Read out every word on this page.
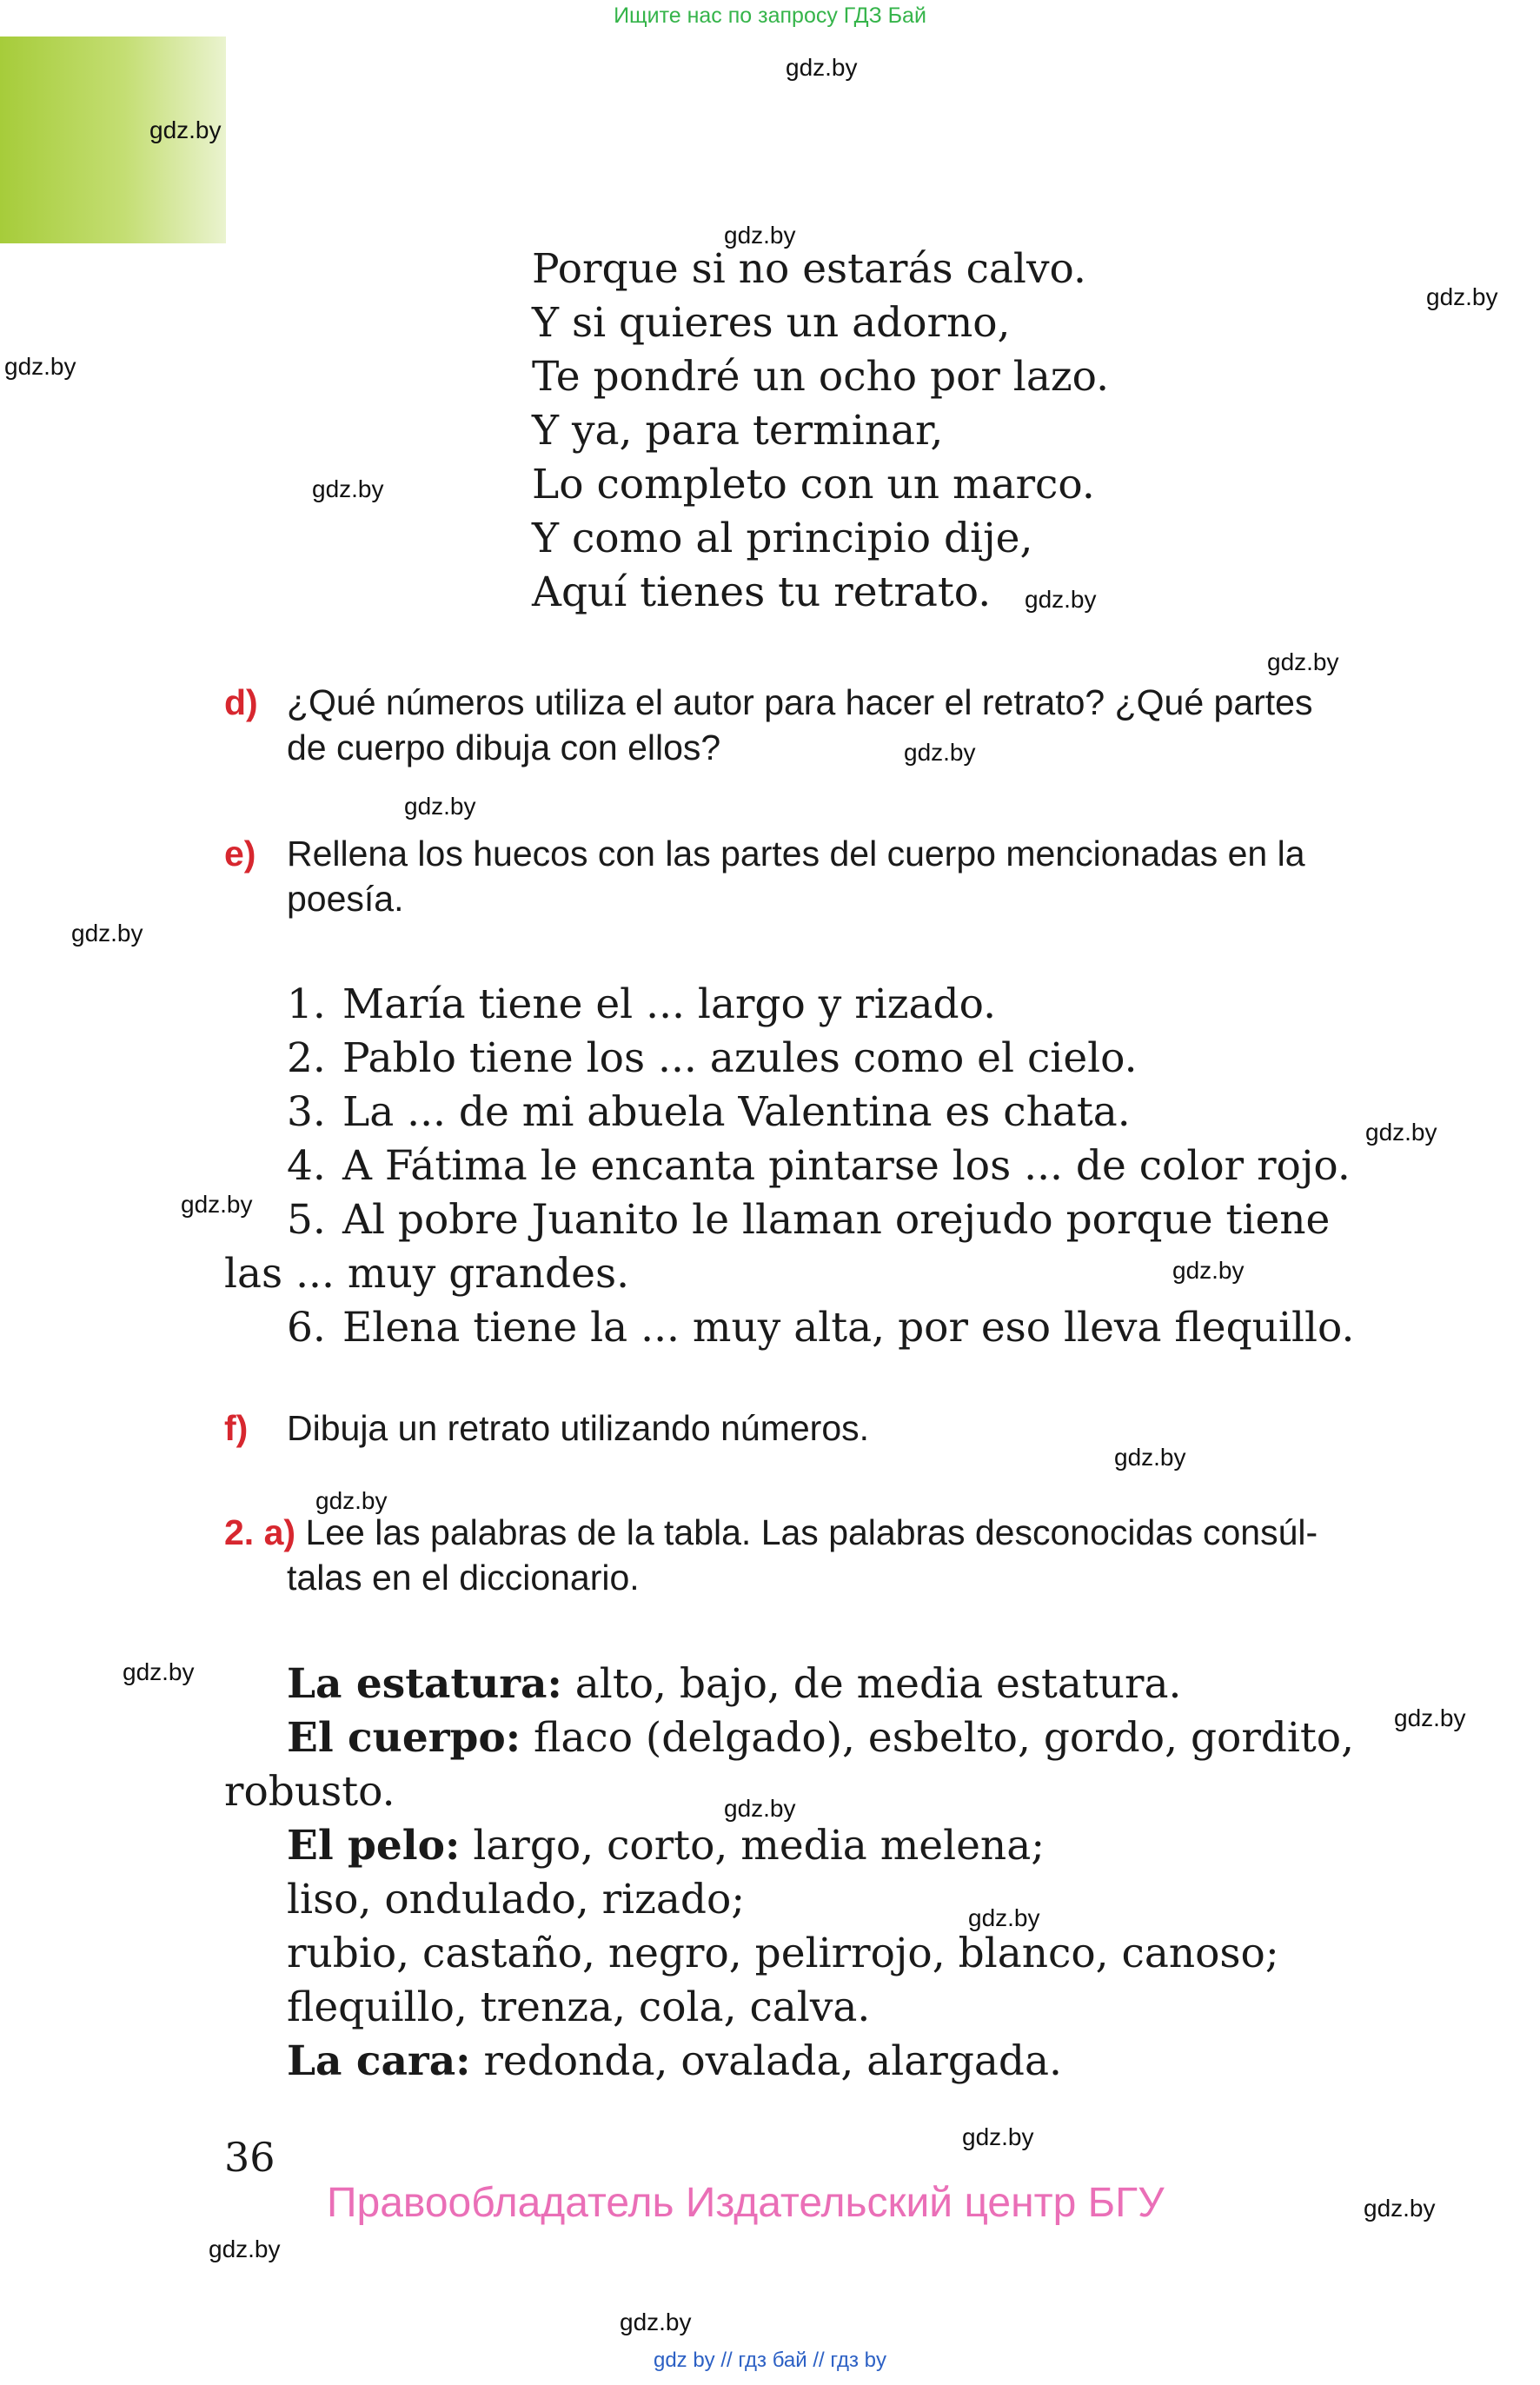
Ищите нас по запросу ГДЗ Бай
gdz.by
gdz.by
gdz.by
gdz.by
gdz.by
gdz.by
gdz.by
gdz.by
gdz.by
gdz.by
gdz.by
gdz.by
gdz.by
gdz.by
gdz.by
gdz.by
gdz.by
gdz.by
gdz.by
gdz.by
gdz.by
gdz.by
gdz.by
gdz.by
Porque si no estarás calvo.
Y si quieres un adorno,
Te pondré un ocho por lazo.
Y ya, para terminar,
Lo completo con un marco.
Y como al principio dije,
Aquí tienes tu retrato.
d) ¿Qué números utiliza el autor para hacer el retrato? ¿Qué partes
de cuerpo dibuja con ellos?
e) Rellena los huecos con las partes del cuerpo mencionadas en la
poesía.
1. María tiene el ... largo y rizado.
2. Pablo tiene los ... azules como el cielo.
3. La ... de mi abuela Valentina es chata.
4. A Fátima le encanta pintarse los ... de color rojo.
5. Al pobre Juanito le llaman orejudo porque tiene
las ... muy grandes.
6. Elena tiene la ... muy alta, por eso lleva flequillo.
f) Dibuja un retrato utilizando números.
2. a) Lee las palabras de la tabla. Las palabras desconocidas consúl-
talas en el diccionario.
La estatura: alto, bajo, de media estatura.
El cuerpo: flaco (delgado), esbelto, gordo, gordito,
robusto.
El pelo: largo, corto, media melena;
liso, ondulado, rizado;
rubio, castaño, negro, pelirrojo, blanco, canoso;
flequillo, trenza, cola, calva.
La cara: redonda, ovalada, alargada.
36
Правообладатель Издательский центр БГУ
gdz by // гдз бай // гдз by
